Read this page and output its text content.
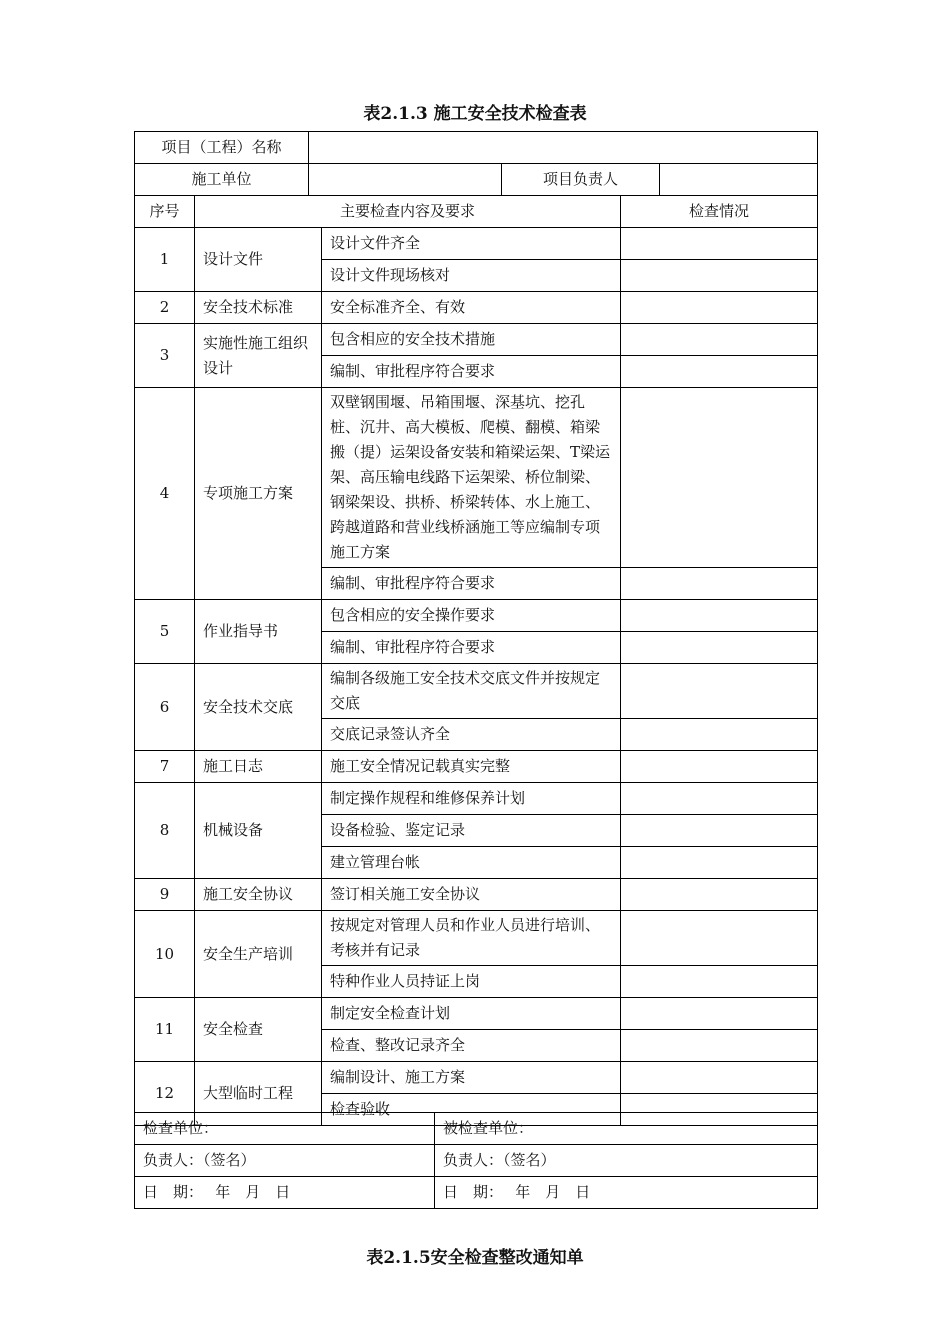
表2.1.3 施工安全技术检查表
项目（工程）名称			
施工单位		项目负责人	
序号	主要检查内容及要求		检查情况
1	设计文件	设计文件齐全	
		设计文件现场核对	
2	安全技术标准	安全标准齐全、有效	
3	实施性施工组织设计	包含相应的安全技术措施	
		编制、审批程序符合要求	
4	专项施工方案	双壁钢围堰、吊箱围堰、深基坑、挖孔桩、沉井、高大模板、爬模、翻模、箱梁搬（提）运架设备安装和箱梁运架、T梁运架、高压输电线路下运架梁、桥位制梁、钢梁架设、拱桥、桥梁转体、水上施工、跨越道路和营业线桥涵施工等应编制专项施工方案	
		编制、审批程序符合要求	
5	作业指导书	包含相应的安全操作要求	
		编制、审批程序符合要求	
6	安全技术交底	编制各级施工安全技术交底文件并按规定交底	
		交底记录签认齐全	
7	施工日志	施工安全情况记载真实完整	
8	机械设备	制定操作规程和维修保养计划	
		设备检验、鉴定记录	
		建立管理台帐	
9	施工安全协议	签订相关施工安全协议	
10	安全生产培训	按规定对管理人员和作业人员进行培训、考核并有记录	
		特种作业人员持证上岗	
11	安全检查	制定安全检查计划	
		检查、整改记录齐全	
12	大型临时工程	编制设计、施工方案	
		检查验收	
检查单位：	被检查单位：
负责人：（签名）	负责人：（签名）
日　期：　 年　月　日	日　期：　 年　月　日
表2.1.5安全检查整改通知单
